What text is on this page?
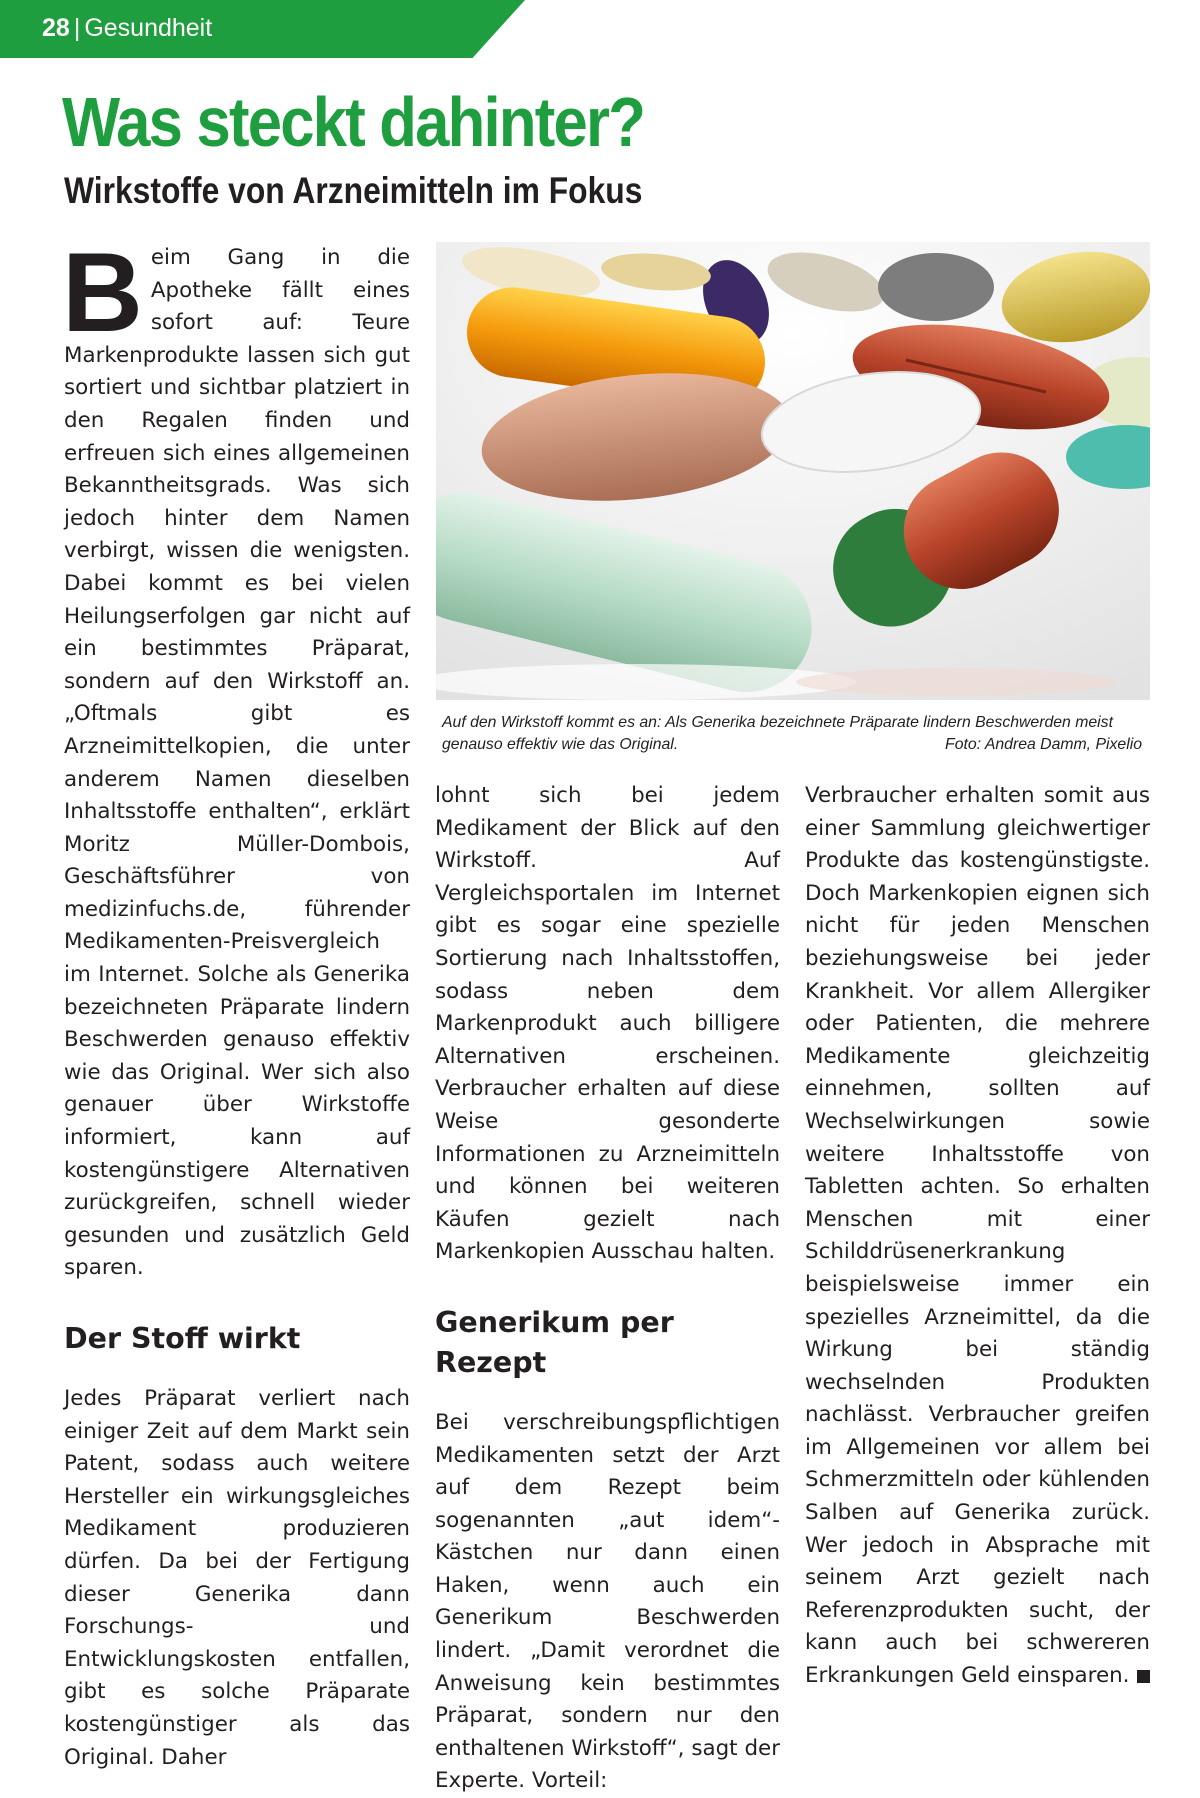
28 | Gesundheit
Was steckt dahinter?
Wirkstoffe von Arzneimitteln im Fokus

Beim Gang in die Apotheke fällt eines sofort auf: Teure Markenprodukte lassen sich gut sortiert und sichtbar platziert in den Regalen finden und erfreuen sich eines allgemeinen Bekanntheitsgrads. Was sich jedoch hinter dem Namen verbirgt, wissen die wenigsten. Dabei kommt es bei vielen Heilungserfolgen gar nicht auf ein bestimmtes Präparat, sondern auf den Wirkstoff an. „Oftmals gibt es Arzneimittelkopien, die unter anderem Namen dieselben Inhaltsstoffe enthalten“, erklärt Moritz Müller-Dombois, Geschäftsführer von medizinfuchs.de, führender Medikamenten-Preisvergleich im Internet. Solche als Generika bezeichneten Präparate lindern Beschwerden genauso effektiv wie das Original. Wer sich also genauer über Wirkstoffe informiert, kann auf kostengünstigere Alternativen zurückgreifen, schnell wieder gesunden und zusätzlich Geld sparen.

Der Stoff wirkt

Jedes Präparat verliert nach einiger Zeit auf dem Markt sein Patent, sodass auch weitere Hersteller ein wirkungsgleiches Medikament produzieren dürfen. Da bei der Fertigung dieser Generika dann Forschungs- und Entwicklungskosten entfallen, gibt es solche Präparate kostengünstiger als das Original. Daher

Auf den Wirkstoff kommt es an: Als Generika bezeichnete Präparate lindern Beschwerden meist genauso effektiv wie das Original.	Foto: Andrea Damm, Pixelio

lohnt sich bei jedem Medikament der Blick auf den Wirkstoff. Auf Vergleichsportalen im Internet gibt es sogar eine spezielle Sortierung nach Inhaltsstoffen, sodass neben dem Markenprodukt auch billigere Alternativen erscheinen. Verbraucher erhalten auf diese Weise gesonderte Informationen zu Arzneimitteln und können bei weiteren Käufen gezielt nach Markenkopien Ausschau halten.

Generikum per Rezept

Bei verschreibungspflichtigen Medikamenten setzt der Arzt auf dem Rezept beim sogenannten „aut idem“-Kästchen nur dann einen Haken, wenn auch ein Generikum Beschwerden lindert. „Damit verordnet die Anweisung kein bestimmtes Präparat, sondern nur den enthaltenen Wirkstoff“, sagt der Experte. Vorteil:

Verbraucher erhalten somit aus einer Sammlung gleichwertiger Produkte das kostengünstigste. Doch Markenkopien eignen sich nicht für jeden Menschen beziehungsweise bei jeder Krankheit. Vor allem Allergiker oder Patienten, die mehrere Medikamente gleichzeitig einnehmen, sollten auf Wechselwirkungen sowie weitere Inhaltsstoffe von Tabletten achten. So erhalten Menschen mit einer Schilddrüsenerkrankung beispielsweise immer ein spezielles Arzneimittel, da die Wirkung bei ständig wechselnden Produkten nachlässt. Verbraucher greifen im Allgemeinen vor allem bei Schmerzmitteln oder kühlenden Salben auf Generika zurück. Wer jedoch in Absprache mit seinem Arzt gezielt nach Referenzprodukten sucht, der kann auch bei schwereren Erkrankungen Geld einsparen.
